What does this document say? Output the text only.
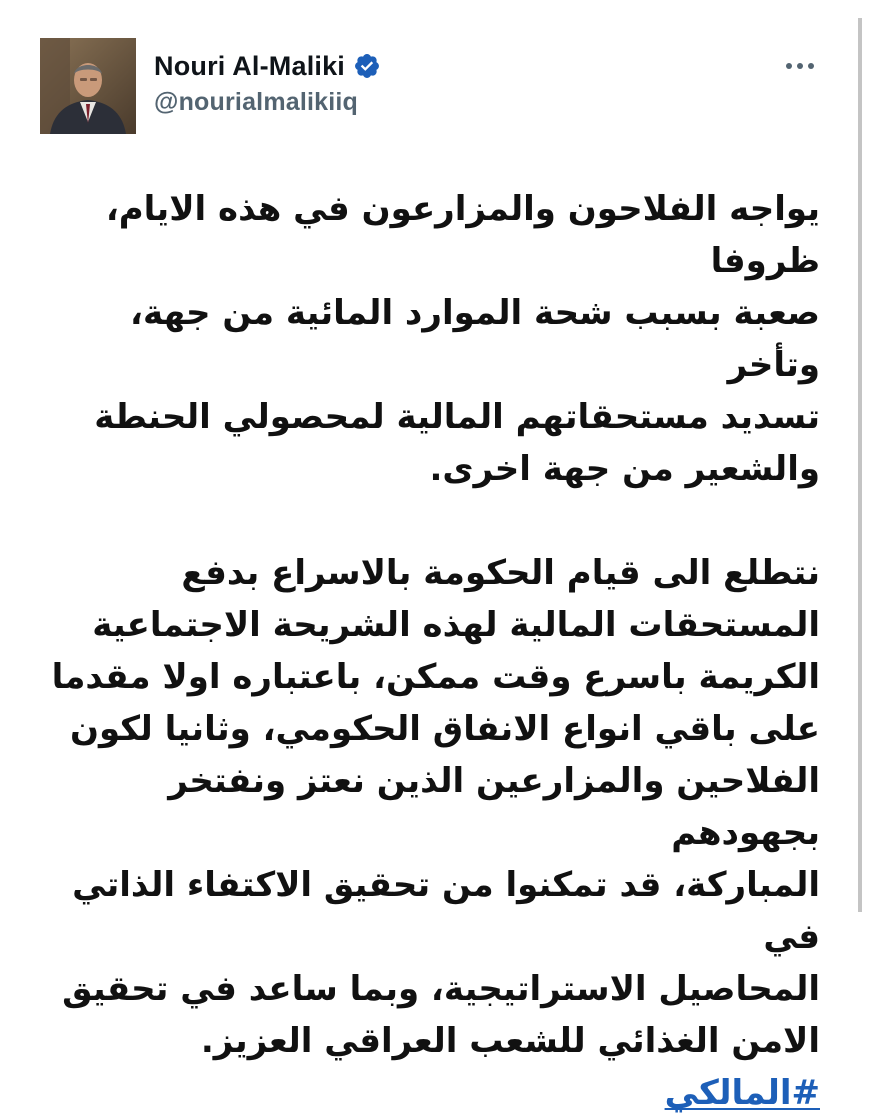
Nouri Al-Maliki
@nourialmalikiiq

يواجه الفلاحون والمزارعون في هذه الايام، ظروفا
صعبة بسبب شحة الموارد المائية من جهة، وتأخر
تسديد مستحقاتهم المالية لمحصولي الحنطة
والشعير من جهة اخرى.

نتطلع الى قيام الحكومة بالاسراع بدفع
المستحقات المالية لهذه الشريحة الاجتماعية
الكريمة باسرع وقت ممكن، باعتباره اولا مقدما
على باقي انواع الانفاق الحكومي، وثانيا لكون
الفلاحين والمزارعين الذين نعتز ونفتخر بجهودهم
المباركة، قد تمكنوا من تحقيق الاكتفاء الذاتي في
المحاصيل الاستراتيجية، وبما ساعد في تحقيق
الامن الغذائي للشعب العراقي العزيز.

#المالكي
